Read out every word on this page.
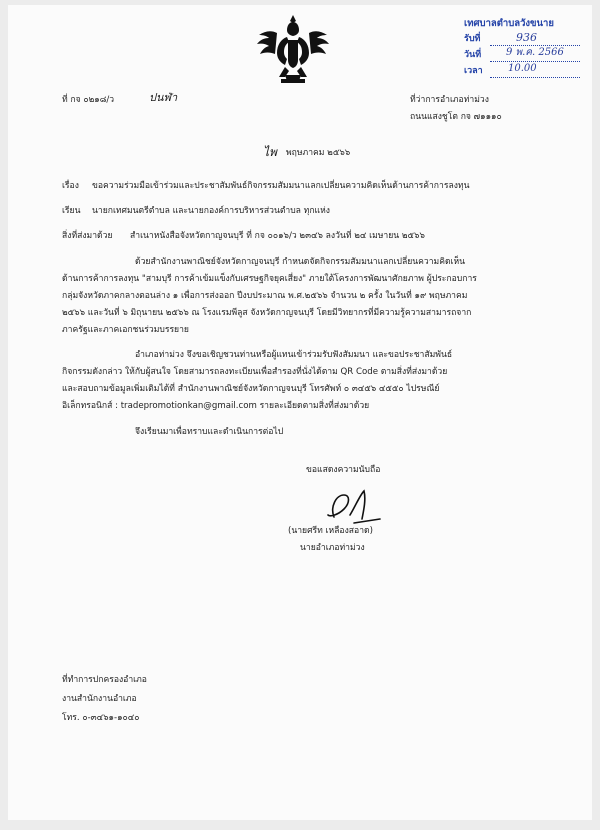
เทศบาลตำบลวังขนาย
รับที่	936
วันที่ 9 พ.ค. 2566
เวลา	10.00
ที่ กจ ๐๒๑๘/ว	ปนฬ่า	ที่ว่าการอำเภอท่าม่วง
ถนนแสงชูโต กจ ๗๑๑๑๐
ไพ พฤษภาคม ๒๕๖๖
เรื่อง ขอความร่วมมือเข้าร่วมและประชาสัมพันธ์กิจกรรมสัมมนาแลกเปลี่ยนความคิดเห็นด้านการค้าการลงทุน
เรียน นายกเทศมนตรีตำบล และนายกองค์การบริหารส่วนตำบล ทุกแห่ง
สิ่งที่ส่งมาด้วย สำเนาหนังสือจังหวัดกาญจนบุรี ที่ กจ ๐๐๑๖/ว ๒๓๔๖ ลงวันที่ ๒๔ เมษายน ๒๕๖๖
ด้วยสำนักงานพาณิชย์จังหวัดกาญจนบุรี กำหนดจัดกิจกรรมสัมมนาแลกเปลี่ยนความคิดเห็น
ด้านการค้าการลงทุน "สามบุรี การค้าเข้มแข็งกับเศรษฐกิจยุคเสี่ยง" ภายใต้โครงการพัฒนาศักยภาพ ผู้ประกอบการ
กลุ่มจังหวัดภาคกลางตอนล่าง ๑ เพื่อการส่งออก ปีงบประมาณ พ.ศ.๒๕๖๖ จำนวน ๒ ครั้ง ในวันที่ ๑๙ พฤษภาคม
๒๕๖๖ และวันที่ ๖ มิถุนายน ๒๕๖๖ ณ โรงแรมพีลูส จังหวัดกาญจนบุรี โดยมีวิทยากรที่มีความรู้ความสามารถจาก
ภาครัฐและภาคเอกชนร่วมบรรยาย
อำเภอท่าม่วง จึงขอเชิญชวนท่านหรือผู้แทนเข้าร่วมรับฟังสัมมนา และขอประชาสัมพันธ์
กิจกรรมดังกล่าว ให้กับผู้สนใจ โดยสามารถลงทะเบียนเพื่อสำรองที่นั่งได้ตาม QR Code ตามสิ่งที่ส่งมาด้วย
และสอบถามข้อมูลเพิ่มเติมได้ที่ สำนักงานพาณิชย์จังหวัดกาญจนบุรี โทรศัพท์ ๐ ๓๔๕๖ ๔๕๕๐ ไปรษณีย์
อิเล็กทรอนิกส์ : tradepromotionkan@gmail.com รายละเอียดตามสิ่งที่ส่งมาด้วย
จึงเรียนมาเพื่อทราบและดำเนินการต่อไป
ขอแสดงความนับถือ
(นายศรีท เหลืองสอาด)
นายอำเภอท่าม่วง
ที่ทำการปกครองอำเภอ
งานสำนักงานอำเภอ
โทร. ๐-๓๔๖๑-๑๐๔๐
